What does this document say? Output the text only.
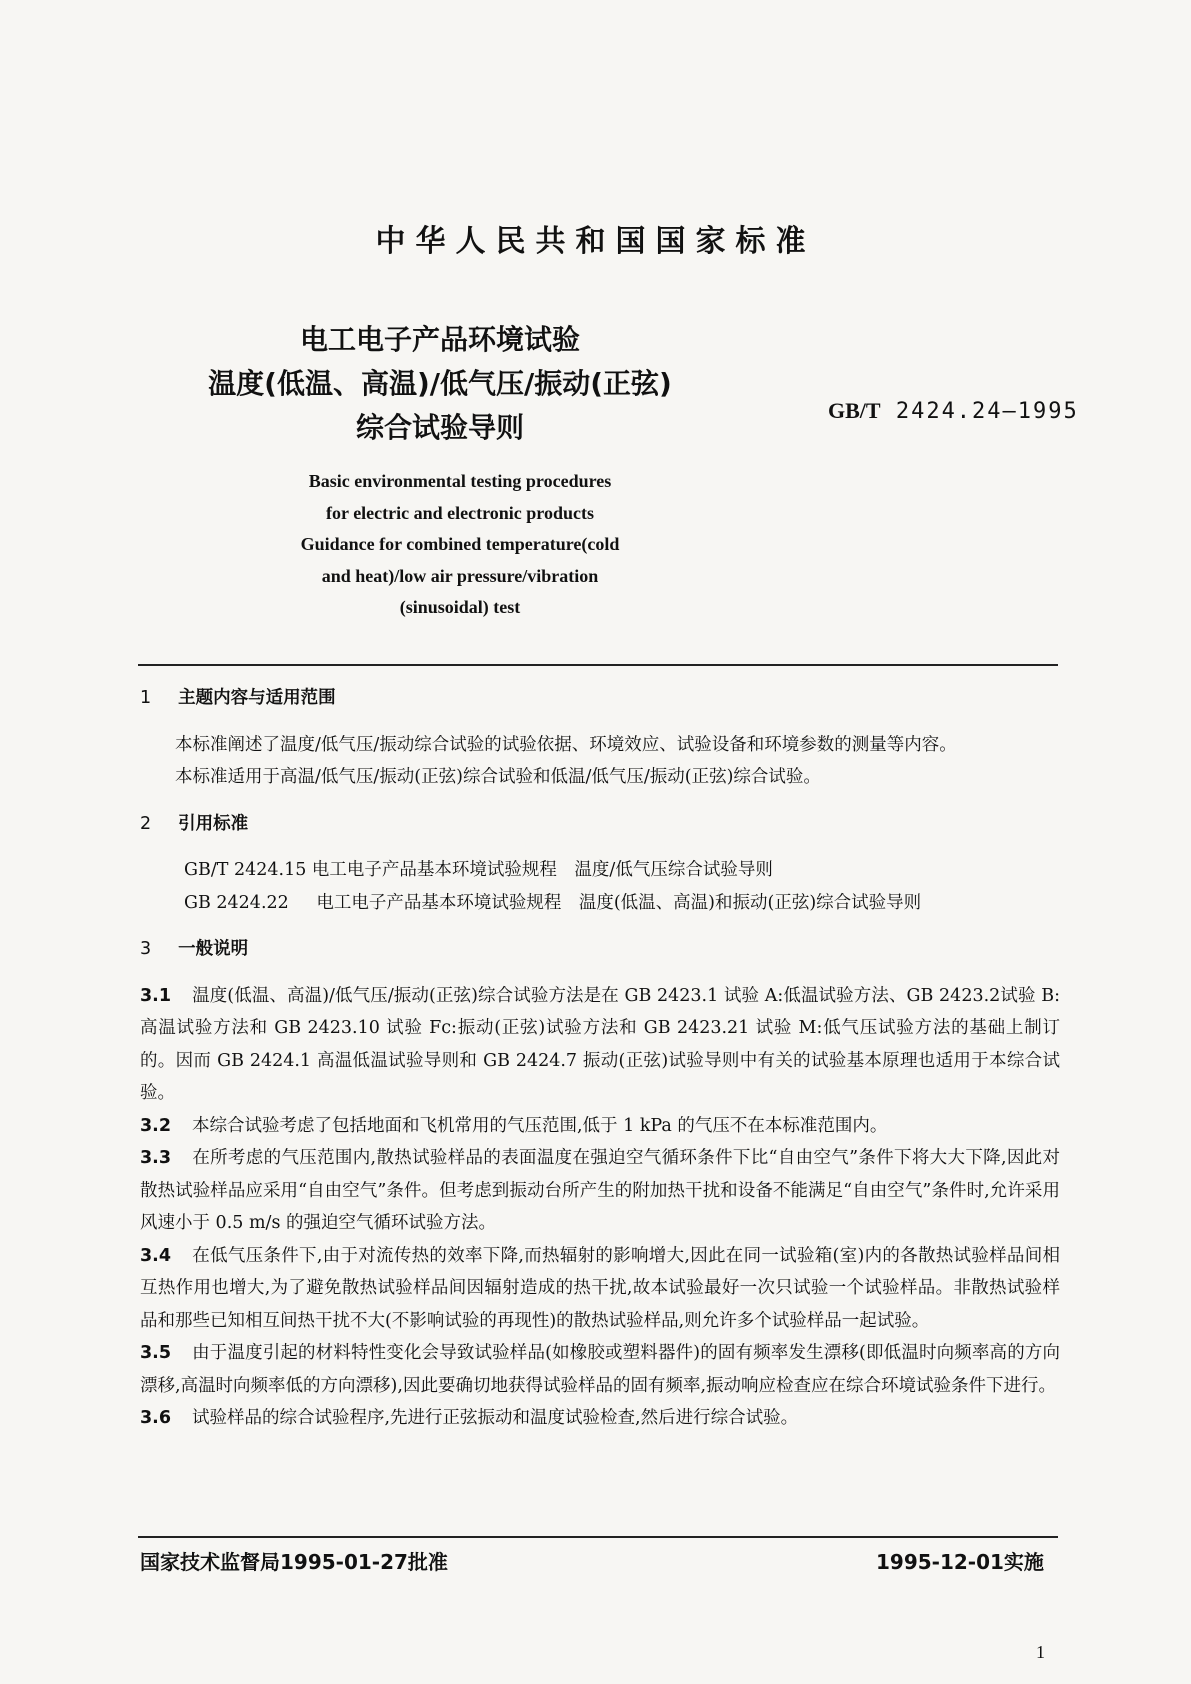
中华人民共和国国家标准
电工电子产品环境试验
温度(低温、高温)/低气压/振动(正弦)
综合试验导则
GB/T 2424.24—1995
Basic environmental testing procedures
for electric and electronic products
Guidance for combined temperature(cold
and heat)/low air pressure/vibration
(sinusoidal) test
1 主题内容与适用范围

本标准阐述了温度/低气压/振动综合试验的试验依据、环境效应、试验设备和环境参数的测量等内容。

本标准适用于高温/低气压/振动(正弦)综合试验和低温/低气压/振动(正弦)综合试验。

2 引用标准

GB/T 2424.15 电工电子产品基本环境试验规程　温度/低气压综合试验导则

GB 2424.22 电工电子产品基本环境试验规程　温度(低温、高温)和振动(正弦)综合试验导则

3 一般说明

3.1 温度(低温、高温)/低气压/振动(正弦)综合试验方法是在 GB 2423.1 试验 A:低温试验方法、GB 2423.2试验 B:高温试验方法和 GB 2423.10 试验 Fc:振动(正弦)试验方法和 GB 2423.21 试验 M:低气压试验方法的基础上制订的。因而 GB 2424.1 高温低温试验导则和 GB 2424.7 振动(正弦)试验导则中有关的试验基本原理也适用于本综合试验。

3.2 本综合试验考虑了包括地面和飞机常用的气压范围,低于 1 kPa 的气压不在本标准范围内。

3.3 在所考虑的气压范围内,散热试验样品的表面温度在强迫空气循环条件下比“自由空气”条件下将大大下降,因此对散热试验样品应采用“自由空气”条件。但考虑到振动台所产生的附加热干扰和设备不能满足“自由空气”条件时,允许采用风速小于 0.5 m/s 的强迫空气循环试验方法。

3.4 在低气压条件下,由于对流传热的效率下降,而热辐射的影响增大,因此在同一试验箱(室)内的各散热试验样品间相互热作用也增大,为了避免散热试验样品间因辐射造成的热干扰,故本试验最好一次只试验一个试验样品。非散热试验样品和那些已知相互间热干扰不大(不影响试验的再现性)的散热试验样品,则允许多个试验样品一起试验。

3.5 由于温度引起的材料特性变化会导致试验样品(如橡胶或塑料器件)的固有频率发生漂移(即低温时向频率高的方向漂移,高温时向频率低的方向漂移),因此要确切地获得试验样品的固有频率,振动响应检查应在综合环境试验条件下进行。

3.6 试验样品的综合试验程序,先进行正弦振动和温度试验检查,然后进行综合试验。

国家技术监督局1995-01-27批准	1995-12-01实施
1
